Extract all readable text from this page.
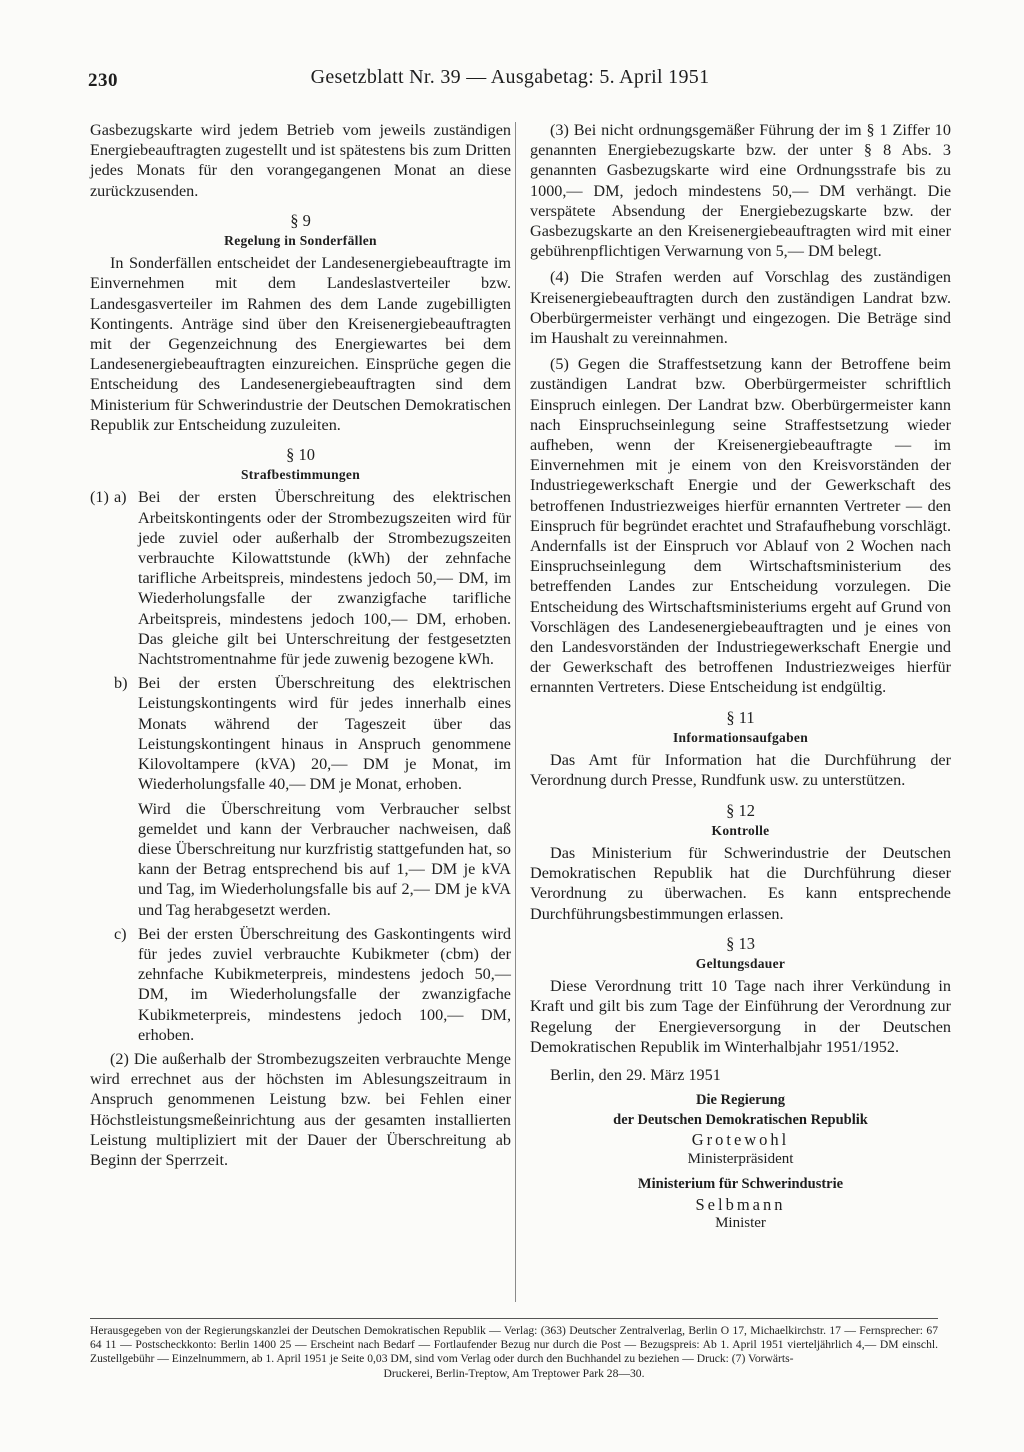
230	Gesetzblatt Nr. 39 — Ausgabetag: 5. April 1951

Gasbezugskarte wird jedem Betrieb vom jeweils zuständigen Energiebeauftragten zugestellt und ist spätestens bis zum Dritten jedes Monats für den vorangegangenen Monat an diese zurückzusenden.

§ 9
Regelung in Sonderfällen

In Sonderfällen entscheidet der Landesenergiebeauftragte im Einvernehmen mit dem Landeslastverteiler bzw. Landesgasverteiler im Rahmen des dem Lande zugebilligten Kontingents. Anträge sind über den Kreisenergiebeauftragten mit der Gegenzeichnung des Energiewartes bei dem Landesenergiebeauftragten einzureichen. Einsprüche gegen die Entscheidung des Landesenergiebeauftragten sind dem Ministerium für Schwerindustrie der Deutschen Demokratischen Republik zur Entscheidung zuzuleiten.

§ 10
Strafbestimmungen
(1) a) Bei der ersten Überschreitung des elektrischen Arbeitskontingents oder der Strombezugszeiten wird für jede zuviel oder außerhalb der Strombezugszeiten verbrauchte Kilowattstunde (kWh) der zehnfache tarifliche Arbeitspreis, mindestens jedoch 50,— DM, im Wiederholungsfalle der zwanzigfache tarifliche Arbeitspreis, mindestens jedoch 100,— DM, erhoben. Das gleiche gilt bei Unterschreitung der festgesetzten Nachtstromentnahme für jede zuwenig bezogene kWh.
b) Bei der ersten Überschreitung des elektrischen Leistungskontingents wird für jedes innerhalb eines Monats während der Tageszeit über das Leistungskontingent hinaus in Anspruch genommene Kilovoltampere (kVA) 20,— DM je Monat, im Wiederholungsfalle 40,— DM je Monat, erhoben.

Wird die Überschreitung vom Verbraucher selbst gemeldet und kann der Verbraucher nachweisen, daß diese Überschreitung nur kurzfristig stattgefunden hat, so kann der Betrag entsprechend bis auf 1,— DM je kVA und Tag, im Wiederholungsfalle bis auf 2,— DM je kVA und Tag herabgesetzt werden.

c) Bei der ersten Überschreitung des Gaskontingents wird für jedes zuviel verbrauchte Kubikmeter (cbm) der zehnfache Kubikmeterpreis, mindestens jedoch 50,— DM, im Wiederholungsfalle der zwanzigfache Kubikmeterpreis, mindestens jedoch 100,— DM, erhoben.

(2) Die außerhalb der Strombezugszeiten verbrauchte Menge wird errechnet aus der höchsten im Ablesungszeitraum in Anspruch genommenen Leistung bzw. bei Fehlen einer Höchstleistungsmeßeinrichtung aus der gesamten installierten Leistung multipliziert mit der Dauer der Überschreitung ab Beginn der Sperrzeit.

(3) Bei nicht ordnungsgemäßer Führung der im § 1 Ziffer 10 genannten Energiebezugskarte bzw. der unter § 8 Abs. 3 genannten Gasbezugskarte wird eine Ordnungsstrafe bis zu 1000,— DM, jedoch mindestens 50,— DM verhängt. Die verspätete Absendung der Energiebezugskarte bzw. der Gasbezugskarte an den Kreisenergiebeauftragten wird mit einer gebührenpflichtigen Verwarnung von 5,— DM belegt.

(4) Die Strafen werden auf Vorschlag des zuständigen Kreisenergiebeauftragten durch den zuständigen Landrat bzw. Oberbürgermeister verhängt und eingezogen. Die Beträge sind im Haushalt zu vereinnahmen.

(5) Gegen die Straffestsetzung kann der Betroffene beim zuständigen Landrat bzw. Oberbürgermeister schriftlich Einspruch einlegen. Der Landrat bzw. Oberbürgermeister kann nach Einspruchseinlegung seine Straffestsetzung wieder aufheben, wenn der Kreisenergiebeauftragte — im Einvernehmen mit je einem von den Kreisvorständen der Industriegewerkschaft Energie und der Gewerkschaft des betroffenen Industriezweiges hierfür ernannten Vertreter — den Einspruch für begründet erachtet und Strafaufhebung vorschlägt. Andernfalls ist der Einspruch vor Ablauf von 2 Wochen nach Einspruchseinlegung dem Wirtschaftsministerium des betreffenden Landes zur Entscheidung vorzulegen. Die Entscheidung des Wirtschaftsministeriums ergeht auf Grund von Vorschlägen des Landesenergiebeauftragten und je eines von den Landesvorständen der Industriegewerkschaft Energie und der Gewerkschaft des betroffenen Industriezweiges hierfür ernannten Vertreters. Diese Entscheidung ist endgültig.

§ 11
Informationsaufgaben

Das Amt für Information hat die Durchführung der Verordnung durch Presse, Rundfunk usw. zu unterstützen.

§ 12
Kontrolle

Das Ministerium für Schwerindustrie der Deutschen Demokratischen Republik hat die Durchführung dieser Verordnung zu überwachen. Es kann entsprechende Durchführungsbestimmungen erlassen.

§ 13
Geltungsdauer

Diese Verordnung tritt 10 Tage nach ihrer Verkündung in Kraft und gilt bis zum Tage der Einführung der Verordnung zur Regelung der Energieversorgung in der Deutschen Demokratischen Republik im Winterhalbjahr 1951/1952.

Berlin, den 29. März 1951

Die Regierung

der Deutschen Demokratischen Republik

Grotewohl

Ministerpräsident

Ministerium für Schwerindustrie

Selbmann

Minister

Herausgegeben von der Regierungskanzlei der Deutschen Demokratischen Republik — Verlag: (363) Deutscher Zentralverlag, Berlin O 17, Michaelkirchstr. 17 — Fernsprecher: 67 64 11 — Postscheckkonto: Berlin 1400 25 — Erscheint nach Bedarf — Fortlaufender Bezug nur durch die Post — Bezugspreis: Ab 1. April 1951 vierteljährlich 4,— DM einschl. Zustellgebühr — Einzelnummern, ab 1. April 1951 je Seite 0,03 DM, sind vom Verlag oder durch den Buchhandel zu beziehen — Druck: (7) Vorwärts-
Druckerei, Berlin-Treptow, Am Treptower Park 28—30.
